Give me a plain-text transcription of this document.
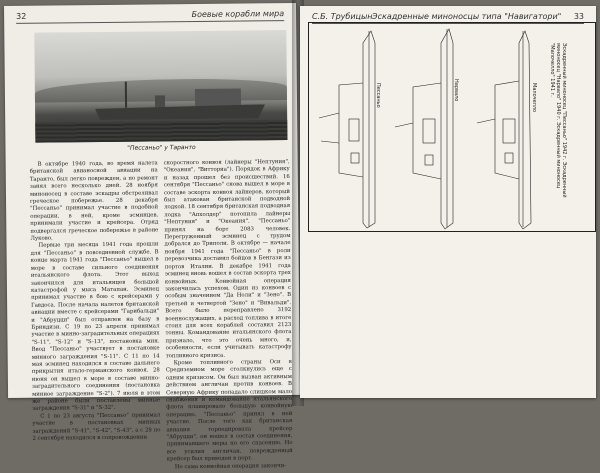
32	Боевые корабли мира
"Пессаньо" у Таранто

В октябре 1940 года, во время налета британской авианосной авиации на Таранто, был легко поврежден, а по ремонт занял всего несколько дней. 28 ноября миноносец в составе эскадры обстреливал греческое побережье. 28 декабря "Пессаньо" принимал участие в подобной операции, в ней, кроме эсминцев, принимали участие и крейсера. Отряд подвергался греческое побережье в районе Луково.

Первые три месяца 1941 года прошли для "Пессаньо" в повседневной службе. В конце марта 1941 года "Пессаньо" вышел в море в составе сильного соединения итальянского флота. Этот выход закончился для итальянцев большой катастрофой у мыса Матапан. Эсминец принимал участие в бою с крейсерами у Гавдоса. После начала налетов британской авиации вместе с крейсерами "Гарибальди" и "Абруцци" был отправлен на базу в Бриндизи. С 19 по 23 апреля принимал участие в минно-заградительных операциях "S-11", "S-12" и "S-13", постановка мин. Ввод "Пессаньо" участвует в постановке минного заграждения "S-11". С 11 по 14 мая эсминец находился в составе дальнего прикрытия итало-германского конвоя. 28 июня он вышел в море в составе минно-заградительного соединения (постановка минное заграждение "S-2"). 7 июля в этом же районе были поставлены минные заграждения "S-31" и "S-32".

С 1 по 23 августа "Пессаньо" принимал участие в постановках минных заграждений "S-41", "S-42", "S-43", а с 28 по 2 сентября находился в сопровождении

скоростного конвоя (лайнеры "Нептуния", "Океания", "Витториа"). Порядок в Африку и назад прошел без происшествий. 16 сентября "Пессаньо" снова вышел в море в составе эскорта конвоя лайнеров, который был атакован британской подводной лодкой. 18 сентября британская подводная лодка "Апхолдер" потопила лайнеры "Нептуния" и "Океания". "Пессаньо" принял на борт 2083 человек. Перегруженный эсминец с трудом добрался до Триполи. В октябре — начале ноября 1941 года "Пессаньо" в роли перевозчика доставил бойцов в Бенгази из портов Италии. В декабре 1941 года эсминец вновь вошел в состав эскорта трех конвойных. Конвойная операция закончилась успехом. Один из конвоев с особым значением "Да Ноли" и "Зено". В третьей и четвертой "Зено" и "Вивальди". Всего было переправлено 3192 военнослужащих, а расход топлива в итоге стоил для всех кораблей составил 2123 тонны. Командование итальянского флота признало, что это очень много, и, особенности, если учитывать катастрофу топливного кризиса.

Кроме топливного страны Оси в Средиземном море столкнулись еще с одним кризисом. Он был вызван активным действием англичан против конвоев. В Северную Африку попадало слишком мало снабжения и командование итальянского флота планировало большую конвойную операцию. "Пессаньо" принял в ней участие. После того как британская авиация торпедировала крейсер "Абруцци", он вошел в состав соединения, принимавшего меры по его спасению. Но все усилия англичан, поврежденный крейсер был приведен в порт.

Но сама конвойная операция закончи-

С.Б. Трубицын Эскадренные миноносцы типа "Навигатори" 33
Пессаньо	Нарвало	Малочелло	Эскадренный миноносец "Пессаньо" 1942 г. Эскадренный миноносец "Нарвало" 1940 г. Эскадренный миноносец "Малочелло" 1941 г.
